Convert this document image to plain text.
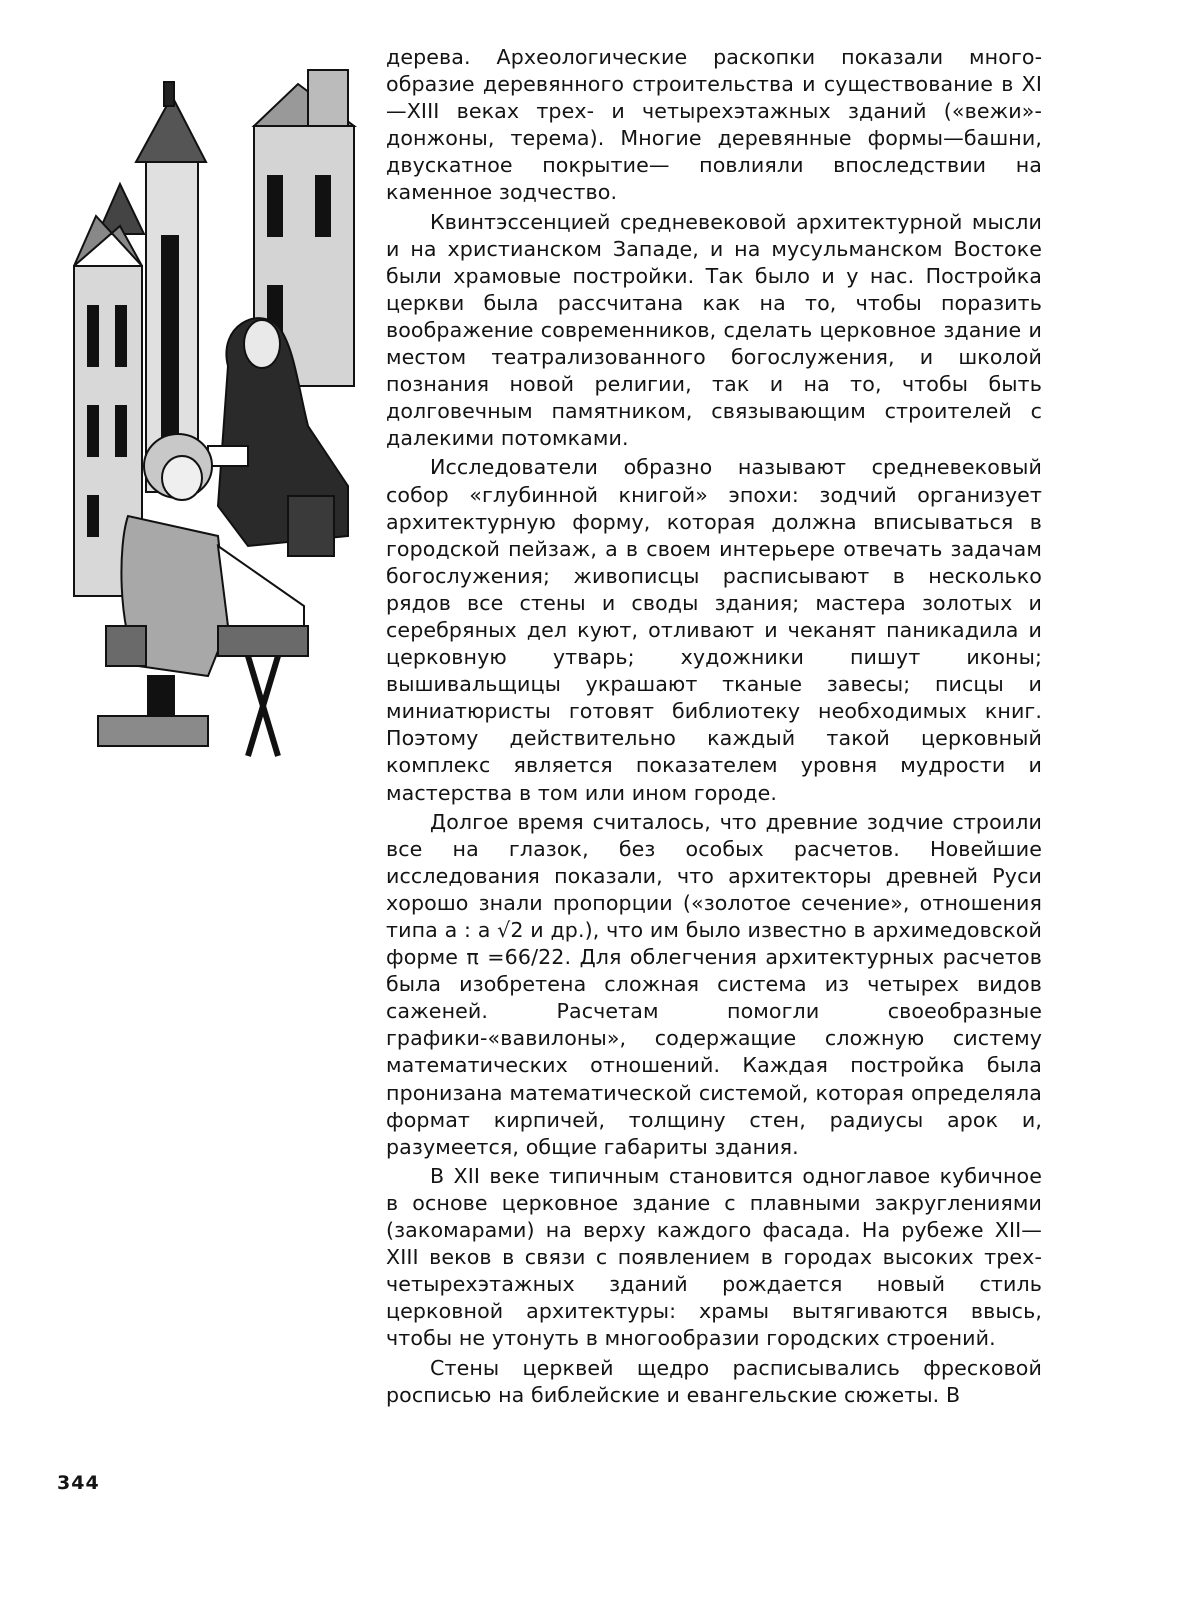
дерева. Археологические раскопки показали многообразие деревянного строительства и существование в XI—XIII веках трех- и четырехэтажных зданий («вежи»-донжоны, терема). Многие деревянные формы—башни, двускатное покрытие— повлияли впоследствии на каменное зодчество.

Квинтэссенцией средневековой архитектурной мысли и на христианском Западе, и на мусульманском Востоке были храмовые постройки. Так было и у нас. Постройка церкви была рассчитана как на то, чтобы поразить воображение современников, сделать церковное здание и местом театрализованного богослужения, и школой познания новой религии, так и на то, чтобы быть долговечным памятником, связывающим строителей с далекими потомками.

Исследователи образно называют средневековый собор «глубинной книгой» эпохи: зодчий организует архитектурную форму, которая должна вписываться в городской пейзаж, а в своем интерьере отвечать задачам богослужения; живописцы расписывают в несколько рядов все стены и своды здания; мастера золотых и серебряных дел куют, отливают и чеканят паникадила и церковную утварь; художники пишут иконы; вышивальщицы украшают тканые завесы; писцы и миниатюристы готовят библиотеку необходимых книг. Поэтому действительно каждый такой церковный комплекс является показателем уровня мудрости и мастерства в том или ином городе.

Долгое время считалось, что древние зодчие строили все на глазок, без особых расчетов. Новейшие исследования показали, что архитекторы древней Руси хорошо знали пропорции («золотое сечение», отношения типа а : а √2 и др.), что им было известно в архимедовской форме π =66/22. Для облегчения архитектурных расчетов была изобретена сложная система из четырех видов саженей. Расчетам помогли своеобразные графики-«вавилоны», содержащие сложную систему математических отношений. Каждая постройка была пронизана математической системой, которая определяла формат кирпичей, толщину стен, радиусы арок и, разумеется, общие габариты здания.

В XII веке типичным становится одноглавое кубичное в основе церковное здание с плавными закруглениями (закомарами) на верху каждого фасада. На рубеже XII—XIII веков в связи с появлением в городах высоких трех-четырехэтажных зданий рождается новый стиль церковной архитектуры: храмы вытягиваются ввысь, чтобы не утонуть в многообразии городских строений.

Стены церквей щедро расписывались фресковой росписью на библейские и евангельские сюжеты. В

344
